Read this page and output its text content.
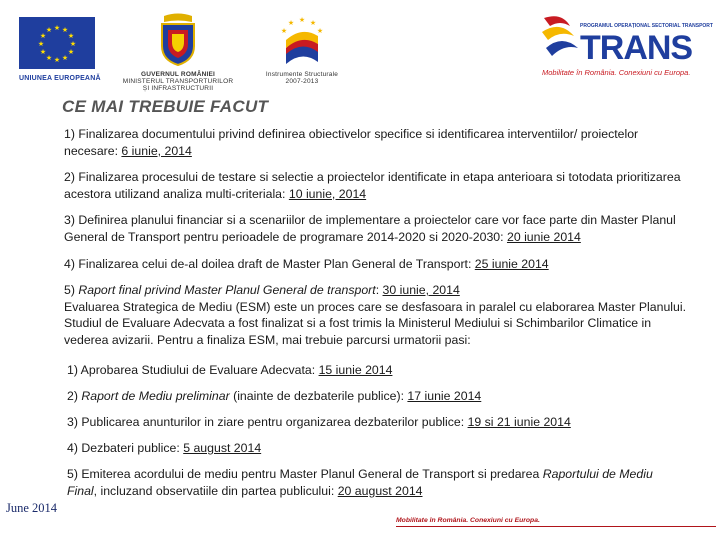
★ ★
★
★
★
★
★
★
★
★
★
★
UNIUNEA EUROPEANĂ
GUVERNUL ROMÂNIEI
MINISTERUL TRANSPORTURILOR
ȘI INFRASTRUCTURII
★ ★
★
★
★
Instrumente Structurale
2007-2013
PROGRAMUL OPERAȚIONAL SECTORIAL TRANSPORT
TRANS
Mobilitate în România. Conexiuni cu Europa.
CE MAI TREBUIE FACUT
1) Finalizarea documentului privind definirea obiectivelor specifice si identificarea interventiilor/ proiectelor necesare: 6 iunie, 2014
2) Finalizarea procesului de testare si selectie a proiectelor identificate in etapa anterioara si totodata prioritizarea acestora utilizand analiza multi-criteriala: 10 iunie, 2014
3) Definirea planului financiar si a scenariilor de implementare a proiectelor care vor face parte din Master Planul General de Transport pentru perioadele de programare 2014-2020 si 2020-2030: 20 iunie 2014
4) Finalizarea celui de-al doilea draft de Master Plan General de Transport: 25 iunie 2014
5) Raport final privind Master Planul General de transport: 30 iunie, 2014
Evaluarea Strategica de Mediu (ESM) este un proces care se desfasoara in paralel cu elaborarea Master Planului. Studiul de Evaluare Adecvata a fost finalizat si a fost trimis la Ministerul Mediului si Schimbarilor Climatice in vederea avizarii. Pentru a finaliza ESM, mai trebuie parcursi urmatorii pasi:
1) Aprobarea Studiului de Evaluare Adecvata: 15 iunie 2014
2) Raport de Mediu preliminar (inainte de dezbaterile publice): 17 iunie 2014
3) Publicarea anunturilor in ziare pentru organizarea dezbaterilor publice: 19 si 21 iunie 2014
4) Dezbateri publice: 5 august 2014
5) Emiterea acordului de mediu pentru Master Planul General de Transport si predarea Raportului de Mediu Final, incluzand observatiile din partea publicului: 20 august 2014
June 2014
Mobilitate în România. Conexiuni cu Europa.
